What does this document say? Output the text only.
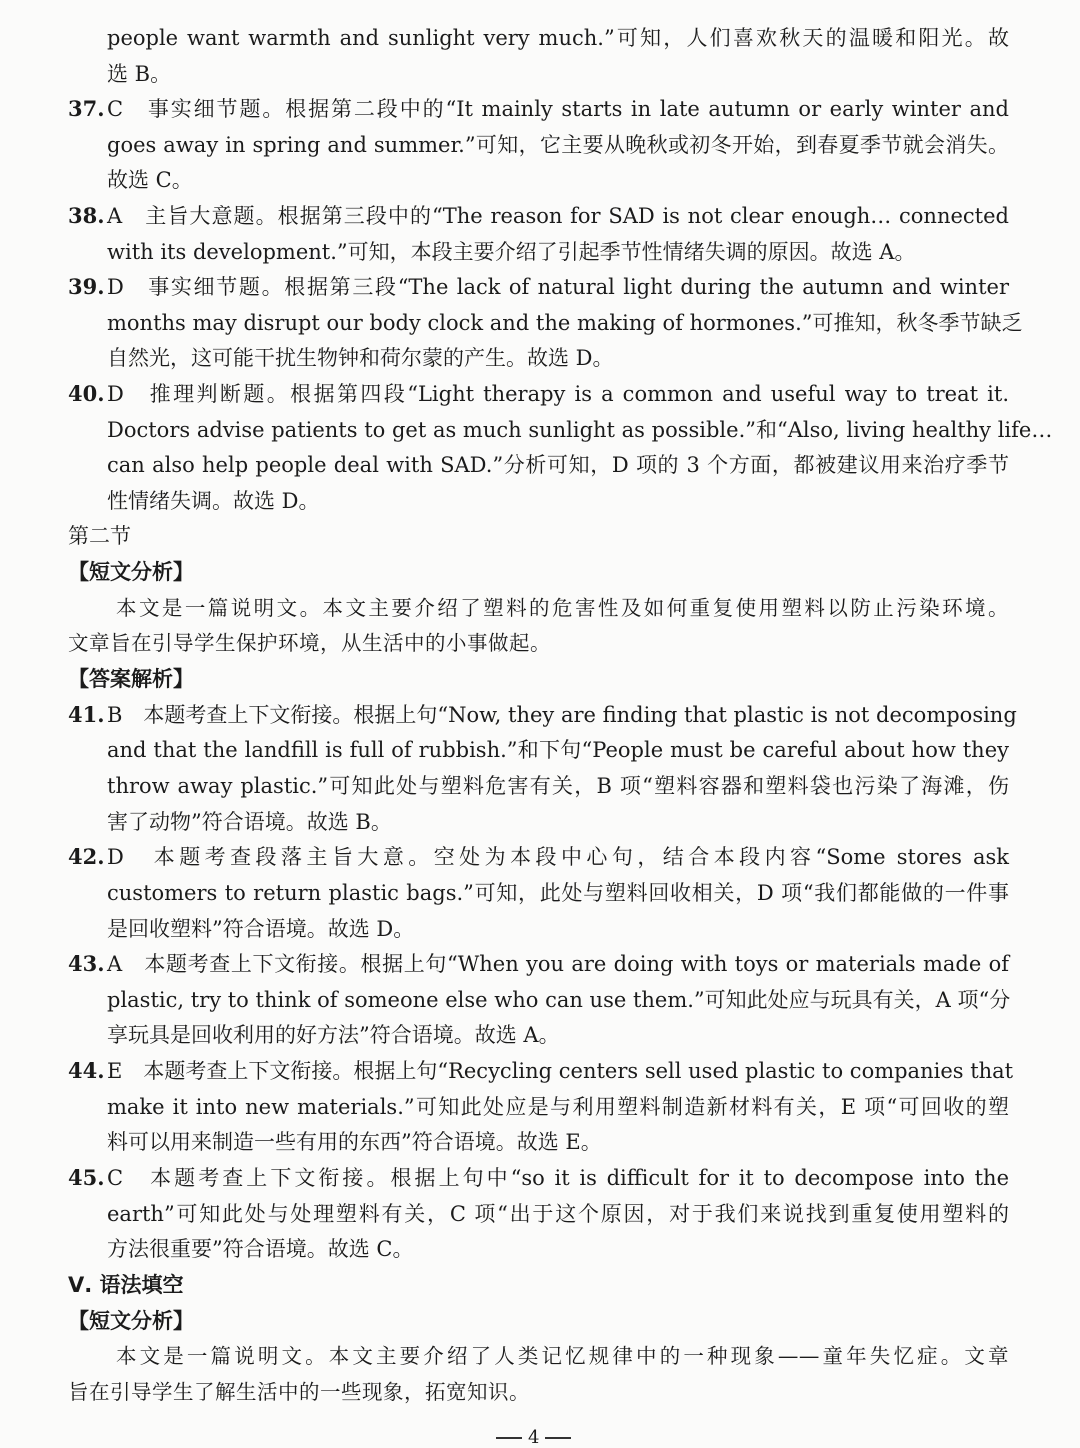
people want warmth and sunlight very much.”可知，人们喜欢秋天的温暖和阳光。故
选 B。
37. C　事实细节题。根据第二段中的“It mainly starts in late autumn or early winter and
goes away in spring and summer.”可知，它主要从晚秋或初冬开始，到春夏季节就会消失。
故选 C。
38. A　主旨大意题。根据第三段中的“The reason for SAD is not clear enough… connected
with its development.”可知，本段主要介绍了引起季节性情绪失调的原因。故选 A。
39. D　事实细节题。根据第三段“The lack of natural light during the autumn and winter
months may disrupt our body clock and the making of hormones.”可推知，秋冬季节缺乏
自然光，这可能干扰生物钟和荷尔蒙的产生。故选 D。
40. D　推理判断题。根据第四段“Light therapy is a common and useful way to treat it.
Doctors advise patients to get as much sunlight as possible.”和“Also, living healthy life…
can also help people deal with SAD.”分析可知，D 项的 3 个方面，都被建议用来治疗季节
性情绪失调。故选 D。
第二节
【短文分析】
本文是一篇说明文。本文主要介绍了塑料的危害性及如何重复使用塑料以防止污染环境。
文章旨在引导学生保护环境，从生活中的小事做起。
【答案解析】
41. B　本题考查上下文衔接。根据上句“Now, they are finding that plastic is not decomposing
and that the landfill is full of rubbish.”和下句“People must be careful about how they
throw away plastic.”可知此处与塑料危害有关，B 项“塑料容器和塑料袋也污染了海滩，伤
害了动物”符合语境。故选 B。
42. D　本题考查段落主旨大意。空处为本段中心句，结合本段内容“Some stores ask
customers to return plastic bags.”可知，此处与塑料回收相关，D 项“我们都能做的一件事
是回收塑料”符合语境。故选 D。
43. A　本题考查上下文衔接。根据上句“When you are doing with toys or materials made of
plastic, try to think of someone else who can use them.”可知此处应与玩具有关，A 项“分
享玩具是回收利用的好方法”符合语境。故选 A。
44. E　本题考查上下文衔接。根据上句“Recycling centers sell used plastic to companies that
make it into new materials.”可知此处应是与利用塑料制造新材料有关，E 项“可回收的塑
料可以用来制造一些有用的东西”符合语境。故选 E。
45. C　本题考查上下文衔接。根据上句中“so it is difficult for it to decompose into the
earth”可知此处与处理塑料有关，C 项“出于这个原因，对于我们来说找到重复使用塑料的
方法很重要”符合语境。故选 C。
Ⅴ. 语法填空
【短文分析】
本文是一篇说明文。本文主要介绍了人类记忆规律中的一种现象——童年失忆症。文章
旨在引导学生了解生活中的一些现象，拓宽知识。
4
